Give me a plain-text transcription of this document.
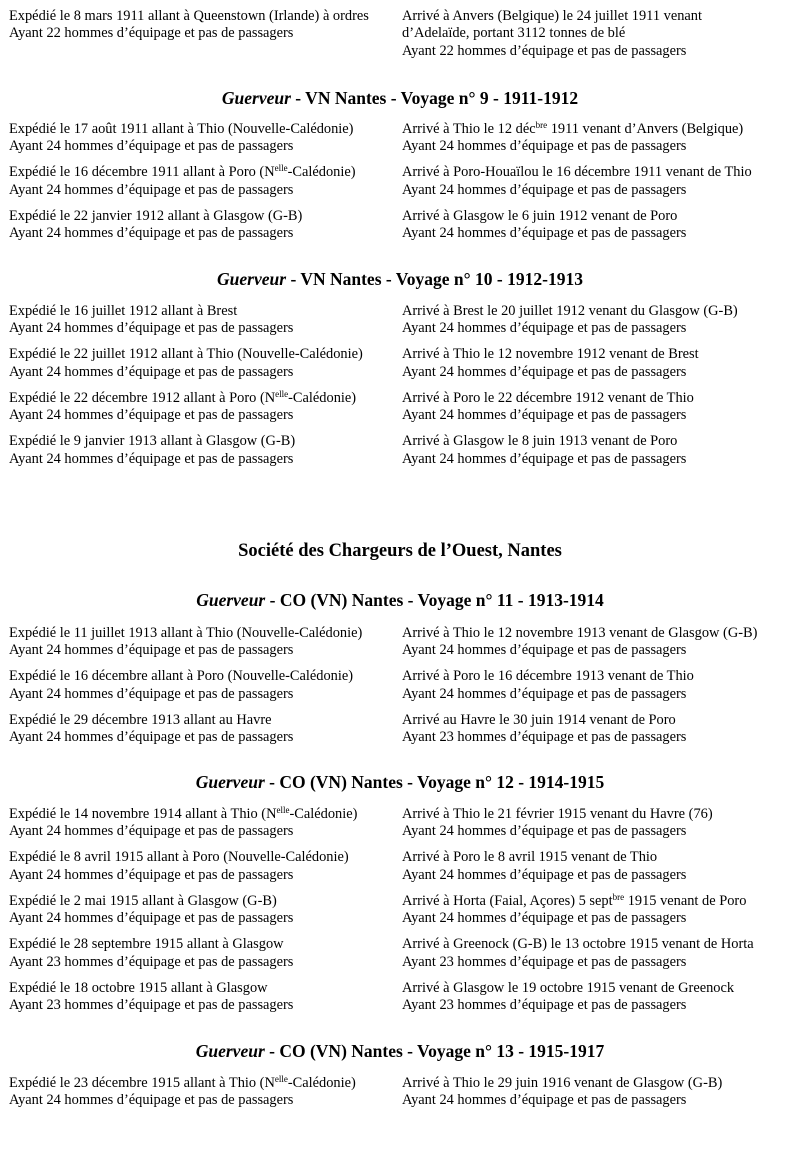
Expédié le 8 mars 1911 allant à Queenstown (Irlande) à ordres
Ayant 22 hommes d’équipage et pas de passagers
Arrivé à Anvers (Belgique) le 24 juillet 1911 venant d’Adelaïde, portant 3112 tonnes de blé
Ayant 22 hommes d’équipage et pas de passagers
Guerveur - VN Nantes - Voyage n° 9 - 1911-1912
Expédié le 17 août 1911 allant à Thio (Nouvelle-Calédonie)
Ayant 24 hommes d’équipage et pas de passagers
Arrivé à Thio le 12 déc$^{bre}$ 1911 venant d’Anvers (Belgique)
Ayant 24 hommes d’équipage et pas de passagers
Expédié le 16 décembre 1911 allant à Poro $(N^{elle}-Calédonie)$
Ayant 24 hommes d’équipage et pas de passagers
Arrivé à Poro-Houaïlou le 16 décembre 1911 venant de Thio
Ayant 24 hommes d’équipage et pas de passagers
Expédié le 22 janvier 1912 allant à Glasgow (G-B)
Ayant 24 hommes d’équipage et pas de passagers
Arrivé à Glasgow le 6 juin 1912 venant de Poro
Ayant 24 hommes d’équipage et pas de passagers
Guerveur - VN Nantes - Voyage n° 10 - 1912-1913
Expédié le 16 juillet 1912 allant à Brest
Ayant 24 hommes d’équipage et pas de passagers
Arrivé à Brest le 20 juillet 1912 venant du Glasgow (G-B)
Ayant 24 hommes d’équipage et pas de passagers
Expédié le 22 juillet 1912 allant à Thio (Nouvelle-Calédonie)
Ayant 24 hommes d’équipage et pas de passagers
Arrivé à Thio le 12 novembre 1912 venant de Brest
Ayant 24 hommes d’équipage et pas de passagers
Expédié le 22 décembre 1912 allant à Poro $(N^{elle}-Calédonie)$
Ayant 24 hommes d’équipage et pas de passagers
Arrivé à Poro le 22 décembre 1912 venant de Thio
Ayant 24 hommes d’équipage et pas de passagers
Expédié le 9 janvier 1913 allant à Glasgow (G-B)
Ayant 24 hommes d’équipage et pas de passagers
Arrivé à Glasgow le 8 juin 1913 venant de Poro
Ayant 24 hommes d’équipage et pas de passagers
Société des Chargeurs de l’Ouest, Nantes
Guerveur - CO (VN) Nantes - Voyage n° 11 - 1913-1914
Expédié le 11 juillet 1913 allant à Thio (Nouvelle-Calédonie)
Ayant 24 hommes d’équipage et pas de passagers
Arrivé à Thio le 12 novembre 1913 venant de Glasgow (G-B)
Ayant 24 hommes d’équipage et pas de passagers
Expédié le 16 décembre allant à Poro (Nouvelle-Calédonie)
Ayant 24 hommes d’équipage et pas de passagers
Arrivé à Poro le 16 décembre 1913 venant de Thio
Ayant 24 hommes d’équipage et pas de passagers
Expédié le 29 décembre 1913 allant au Havre
Ayant 24 hommes d’équipage et pas de passagers
Arrivé au Havre le 30 juin 1914 venant de Poro
Ayant 23 hommes d’équipage et pas de passagers
Guerveur - CO (VN) Nantes - Voyage n° 12 - 1914-1915
Expédié le 14 novembre 1914 allant à Thio $(N^{elle}-Calédonie)$
Ayant 24 hommes d’équipage et pas de passagers
Arrivé à Thio le 21 février 1915 venant du Havre (76)
Ayant 24 hommes d’équipage et pas de passagers
Expédié le 8 avril 1915 allant à Poro (Nouvelle-Calédonie)
Ayant 24 hommes d’équipage et pas de passagers
Arrivé à Poro le 8 avril 1915 venant de Thio
Ayant 24 hommes d’équipage et pas de passagers
Expédié le 2 mai 1915 allant à Glasgow (G-B)
Ayant 24 hommes d’équipage et pas de passagers
Arrivé à Horta (Faial, Açores) 5 sept$^{bre}$ 1915 venant de Poro
Ayant 24 hommes d’équipage et pas de passagers
Expédié le 28 septembre 1915 allant à Glasgow
Ayant 23 hommes d’équipage et pas de passagers
Arrivé à Greenock (G-B) le 13 octobre 1915 venant de Horta
Ayant 23 hommes d’équipage et pas de passagers
Expédié le 18 octobre 1915 allant à Glasgow
Ayant 23 hommes d’équipage et pas de passagers
Arrivé à Glasgow le 19 octobre 1915 venant de Greenock
Ayant 23 hommes d’équipage et pas de passagers
Guerveur - CO (VN) Nantes - Voyage n° 13 - 1915-1917
Expédié le 23 décembre 1915 allant à Thio $(N^{elle}-Calédonie)$
Ayant 24 hommes d’équipage et pas de passagers
Arrivé à Thio le 29 juin 1916 venant de Glasgow (G-B)
Ayant 24 hommes d’équipage et pas de passagers
